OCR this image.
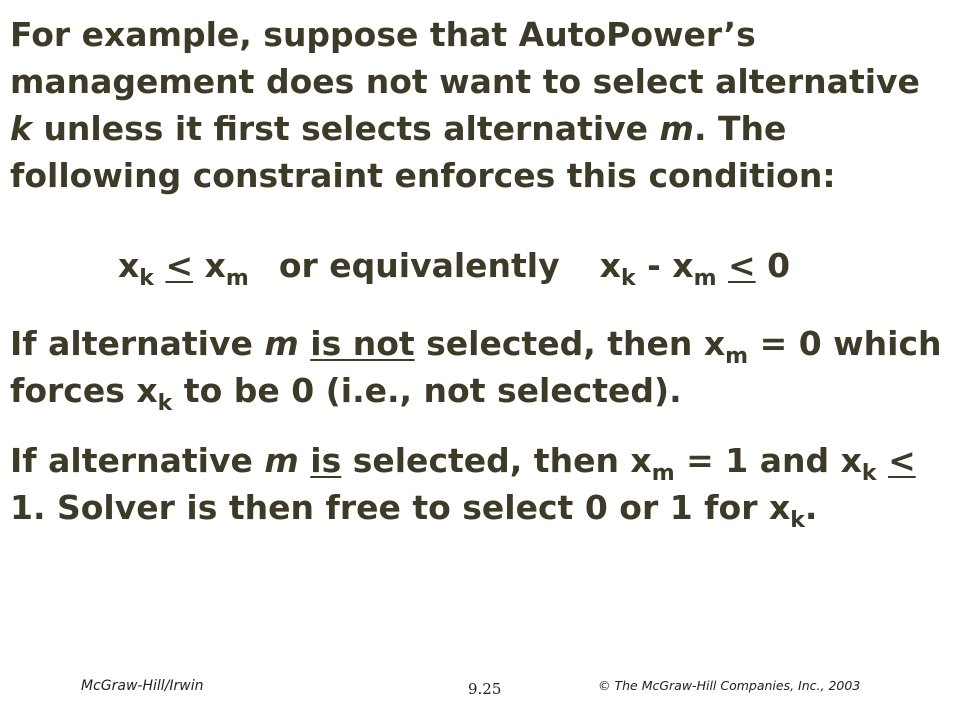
For example, suppose that AutoPower’s management does not want to select alternative k unless it first selects alternative m. The following constraint enforces this condition:

$x_k \le x_m$ or equivalently $x_k - x_m \le 0$

If alternative m is not selected, then $x_m = 0$ which forces $x_k$ to be 0 (i.e., not selected).

If alternative m is selected, then $x_m = 1$ and $x_k < 1$. Solver is then free to select 0 or 1 for $x_k$.

McGraw-Hill/Irwin	9.25	© The McGraw-Hill Companies, Inc., 2003
